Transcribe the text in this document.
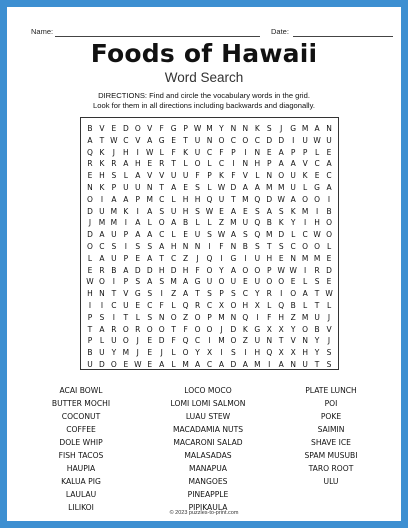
Name:	Date:
Foods of Hawaii
Word Search
DIRECTIONS: Find and circle the vocabulary words in the grid.
Look for them in all directions including backwards and diagonally.
B V E D O V F G P W M Y N N K S	J	G M A N
A T W C V A G E T U N O C O C D D	I	U W U
Q K	J	H	I W L	F K U C F	P	I	N E A P P	L E
R K R A H E R T	L O L C	I	N H P A A V C A
E H S L A V V U U F	P K F V L N O U K E C
N K P U U N T A E S L W D A A M M U L G A
O	I	A A P M C L H H Q U T M Q D W A O O	I
D U M K	I	A S U H S W E A E S A S K M	I	B
J	M M	I	A L O A B L	L Z M U Q B K Y	I	H O
D A U P A A C L E U S W A S Q M D L C W O
O C S	I	S S A H N N	I	F N B S T S C O O L
L A U P E A T C Z	J	Q	I	G	I	U H E N M M E
E R B A D D H D H F O Y A O O P W W I	R D
W O	I	P S A S M A G U O U E U O O E L S E
H N T V G S	I	Z A T S P S C Y R	I	O A T W
I	I	C U E C F	L Q R C X O H X L Q B L	T	L
P S	I	T	L S N O Z O P M N Q	I	F H Z M U	J
T A R O R O O T	F O O	J	D K G X X Y O B V
P	L U O	J	E D F Q C	I	M O Z U N T V N Y	J
B U Y M	J	E	J	L O Y X	I	S	I	H Q X X H Y S
U D O E W E A L M A C A D A M	I	A N U T S
ACAI BOWL
BUTTER MOCHI
COCONUT
COFFEE
DOLE WHIP
FISH TACOS
HAUPIA
KALUA PIG
LAULAU
LILIKOI
LOCO MOCO
LOMI LOMI SALMON
LUAU STEW
MACADAMIA NUTS
MACARONI SALAD
MALASADAS
MANAPUA
MANGOES
PINEAPPLE
PIPIKAULA
PLATE LUNCH
POI
POKE
SAIMIN
SHAVE ICE
SPAM MUSUBI
TARO ROOT
ULU
© 2023 puzzles-to-print.com
